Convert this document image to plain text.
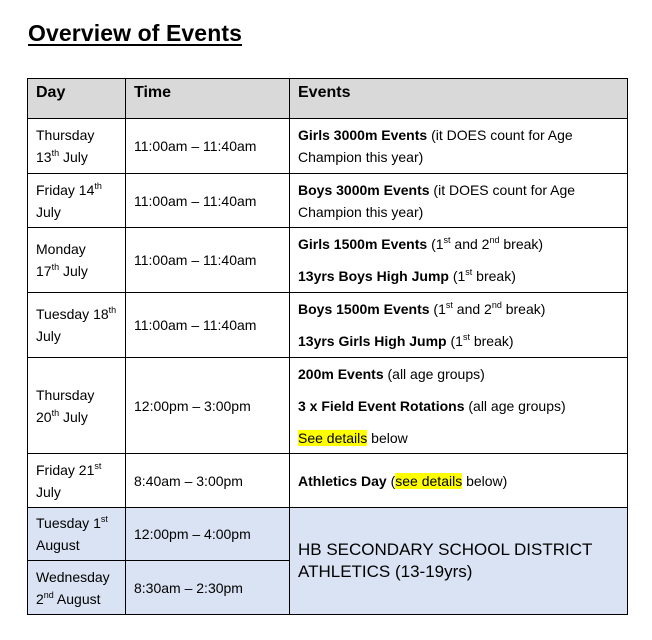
Overview of Events
Day	Time	Events
Thursday
13th July	11:00am – 11:40am	Girls 3000m Events (it DOES count for Age Champion this year)

Friday 14th
July	11:00am – 11:40am	Boys 3000m Events (it DOES count for Age Champion this year)

Monday
17th July	11:00am – 11:40am	Girls 1500m Events (1st and 2nd break)
13yrs Boys High Jump (1st break)

Tuesday 18th
July	11:00am – 11:40am	Boys 1500m Events (1st and 2nd break)
13yrs Girls High Jump (1st break)

Thursday
20th July	12:00pm – 3:00pm	200m Events (all age groups)
3 x Field Event Rotations (all age groups)
See details below

Friday 21st
July	8:40am – 3:00pm	Athletics Day (see details below)

Tuesday 1st
August	12:00pm – 4:00pm	HB SECONDARY SCHOOL DISTRICT ATHLETICS (13-19yrs)
Wednesday
2nd August	8:30am – 2:30pm	
